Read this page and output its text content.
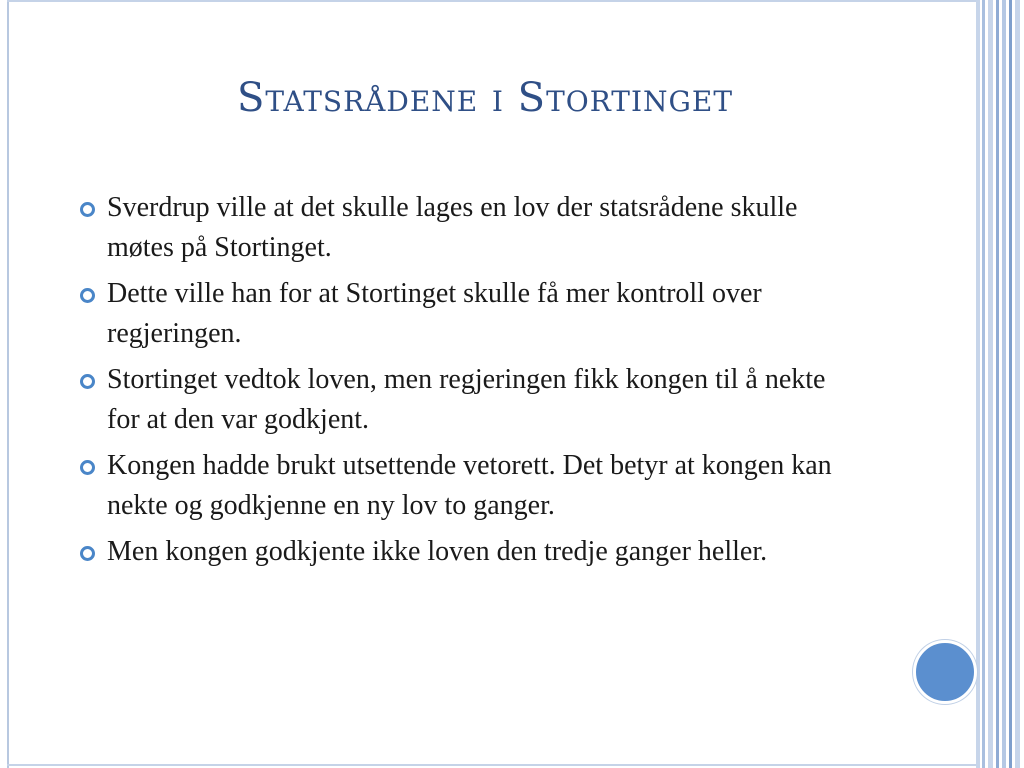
Statsrådene i Stortinget
Sverdrup ville at det skulle lages en lov der statsrådene skulle møtes på Stortinget.
Dette ville han for at Stortinget skulle få mer kontroll over regjeringen.
Stortinget vedtok loven, men regjeringen fikk kongen til å nekte for at den var godkjent.
Kongen hadde brukt utsettende vetorett. Det betyr at kongen kan nekte og godkjenne en ny lov to ganger.
Men kongen godkjente ikke loven den tredje ganger heller.
